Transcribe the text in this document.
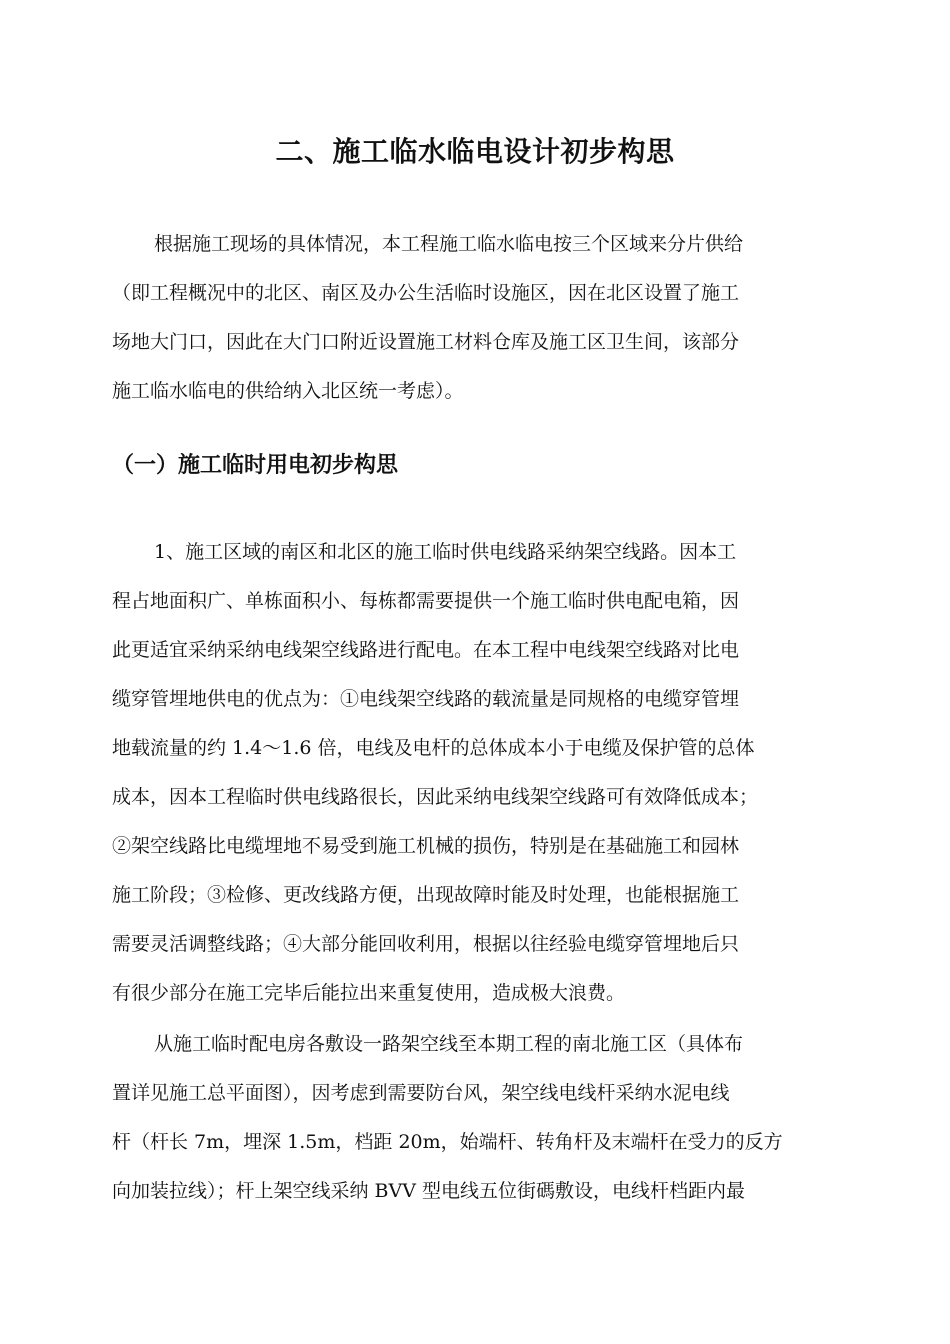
二、施工临水临电设计初步构思
根据施工现场的具体情况，本工程施工临水临电按三个区域来分片供给
（即工程概况中的北区、南区及办公生活临时设施区，因在北区设置了施工
场地大门口，因此在大门口附近设置施工材料仓库及施工区卫生间，该部分
施工临水临电的供给纳入北区统一考虑）。
（一）施工临时用电初步构思
1、施工区域的南区和北区的施工临时供电线路采纳架空线路。因本工
程占地面积广、单栋面积小、每栋都需要提供一个施工临时供电配电箱，因
此更适宜采纳采纳电线架空线路进行配电。在本工程中电线架空线路对比电
缆穿管埋地供电的优点为：①电线架空线路的载流量是同规格的电缆穿管埋
地载流量的约 1.4～1.6 倍，电线及电杆的总体成本小于电缆及保护管的总体
成本，因本工程临时供电线路很长，因此采纳电线架空线路可有效降低成本；
②架空线路比电缆埋地不易受到施工机械的损伤，特别是在基础施工和园林
施工阶段；③检修、更改线路方便，出现故障时能及时处理，也能根据施工
需要灵活调整线路；④大部分能回收利用，根据以往经验电缆穿管埋地后只
有很少部分在施工完毕后能拉出来重复使用，造成极大浪费。
从施工临时配电房各敷设一路架空线至本期工程的南北施工区（具体布
置详见施工总平面图），因考虑到需要防台风，架空线电线杆采纳水泥电线
杆（杆长 7m，埋深 1.5m，档距 20m，始端杆、转角杆及末端杆在受力的反方
向加装拉线）；杆上架空线采纳 BVV 型电线五位街碼敷设，电线杆档距内最
